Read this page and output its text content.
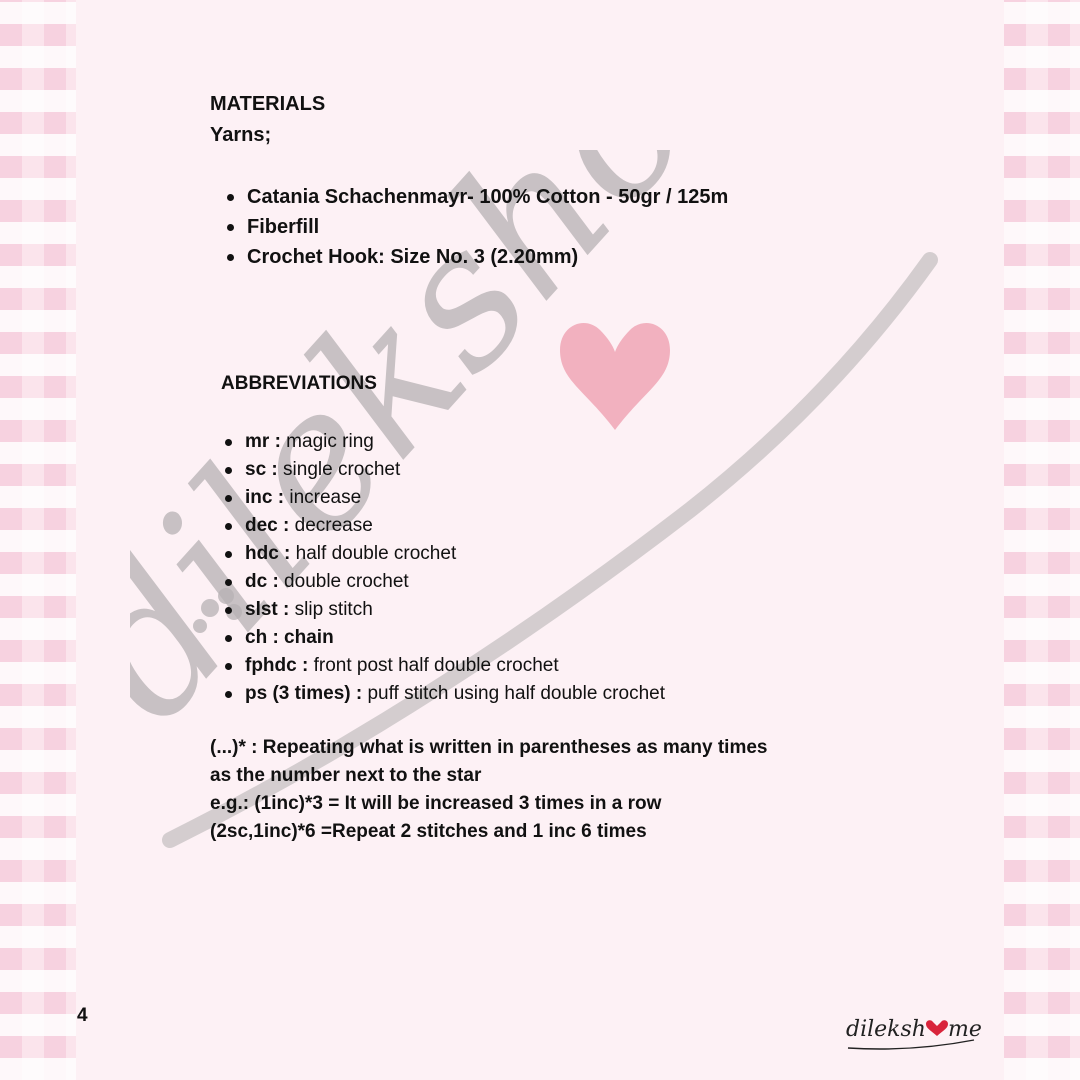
MATERIALS
Yarns;
Catania Schachenmayr- 100% Cotton - 50gr / 125m
Fiberfill
Crochet Hook: Size No. 3 (2.20mm)
ABBREVIATIONS
mr : magic ring
sc : single crochet
inc : increase
dec : decrease
hdc : half double crochet
dc : double crochet
slst : slip stitch
ch : chain
fphdc : front post half double crochet
ps (3 times) : puff stitch using half double crochet
(...)* : Repeating what is written in parentheses as many times
as the number next to the star
e.g.: (1inc)*3 = It will be increased 3 times in a row
(2sc,1inc)*6 =Repeat 2 stitches and 1 inc 6 times
4
dileksh me
